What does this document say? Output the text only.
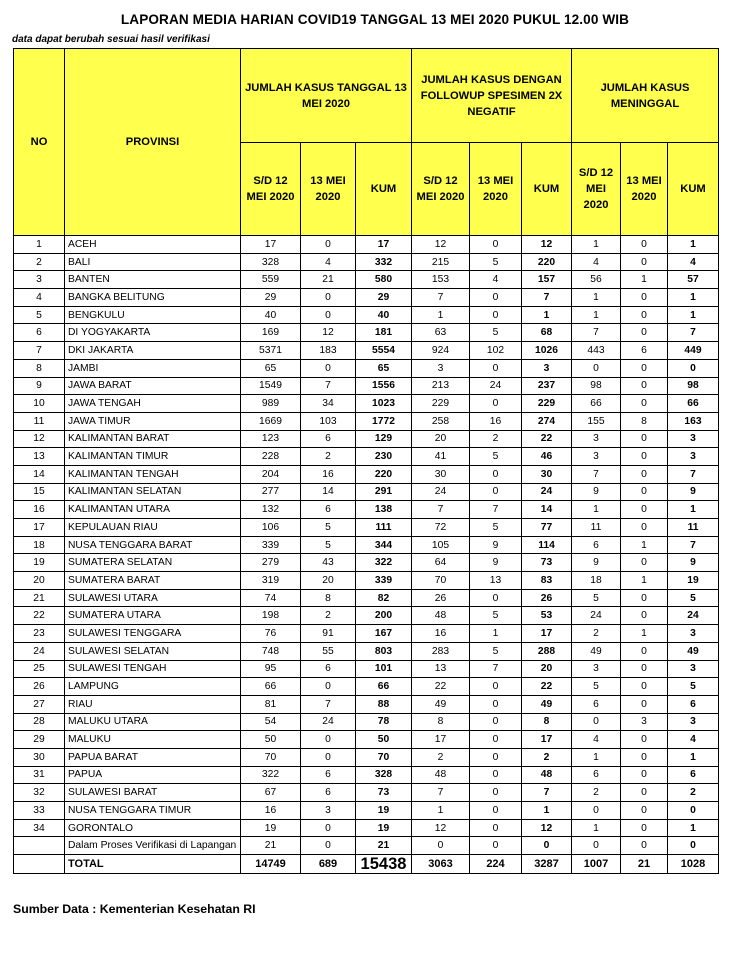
LAPORAN MEDIA HARIAN COVID19 TANGGAL 13 MEI 2020 PUKUL 12.00 WIB
data dapat berubah sesuai hasil verifikasi
NO	PROVINSI	JUMLAH KASUS TANGGAL 13 MEI 2020			JUMLAH KASUS DENGAN FOLLOWUP SPESIMEN 2X NEGATIF			JUMLAH KASUS MENINGGAL		
		S/D 12 MEI 2020	13 MEI 2020	KUM	S/D 12 MEI 2020	13 MEI 2020	KUM	S/D 12 MEI 2020	13 MEI 2020	KUM
1	ACEH	17	0	17	12	0	12	1	0	1
2	BALI	328	4	332	215	5	220	4	0	4
3	BANTEN	559	21	580	153	4	157	56	1	57
4	BANGKA BELITUNG	29	0	29	7	0	7	1	0	1
5	BENGKULU	40	0	40	1	0	1	1	0	1
6	DI YOGYAKARTA	169	12	181	63	5	68	7	0	7
7	DKI JAKARTA	5371	183	5554	924	102	1026	443	6	449
8	JAMBI	65	0	65	3	0	3	0	0	0
9	JAWA BARAT	1549	7	1556	213	24	237	98	0	98
10	JAWA TENGAH	989	34	1023	229	0	229	66	0	66
11	JAWA TIMUR	1669	103	1772	258	16	274	155	8	163
12	KALIMANTAN BARAT	123	6	129	20	2	22	3	0	3
13	KALIMANTAN TIMUR	228	2	230	41	5	46	3	0	3
14	KALIMANTAN TENGAH	204	16	220	30	0	30	7	0	7
15	KALIMANTAN SELATAN	277	14	291	24	0	24	9	0	9
16	KALIMANTAN UTARA	132	6	138	7	7	14	1	0	1
17	KEPULAUAN RIAU	106	5	111	72	5	77	11	0	11
18	NUSA TENGGARA BARAT	339	5	344	105	9	114	6	1	7
19	SUMATERA SELATAN	279	43	322	64	9	73	9	0	9
20	SUMATERA BARAT	319	20	339	70	13	83	18	1	19
21	SULAWESI UTARA	74	8	82	26	0	26	5	0	5
22	SUMATERA UTARA	198	2	200	48	5	53	24	0	24
23	SULAWESI TENGGARA	76	91	167	16	1	17	2	1	3
24	SULAWESI SELATAN	748	55	803	283	5	288	49	0	49
25	SULAWESI TENGAH	95	6	101	13	7	20	3	0	3
26	LAMPUNG	66	0	66	22	0	22	5	0	5
27	RIAU	81	7	88	49	0	49	6	0	6
28	MALUKU UTARA	54	24	78	8	0	8	0	3	3
29	MALUKU	50	0	50	17	0	17	4	0	4
30	PAPUA BARAT	70	0	70	2	0	2	1	0	1
31	PAPUA	322	6	328	48	0	48	6	0	6
32	SULAWESI BARAT	67	6	73	7	0	7	2	0	2
33	NUSA TENGGARA TIMUR	16	3	19	1	0	1	0	0	0
34	GORONTALO	19	0	19	12	0	12	1	0	1
	Dalam Proses Verifikasi di Lapangan	21	0	21	0	0	0	0	0	0
	TOTAL	14749	689	15438	3063	224	3287	1007	21	1028
Sumber Data : Kementerian Kesehatan RI
